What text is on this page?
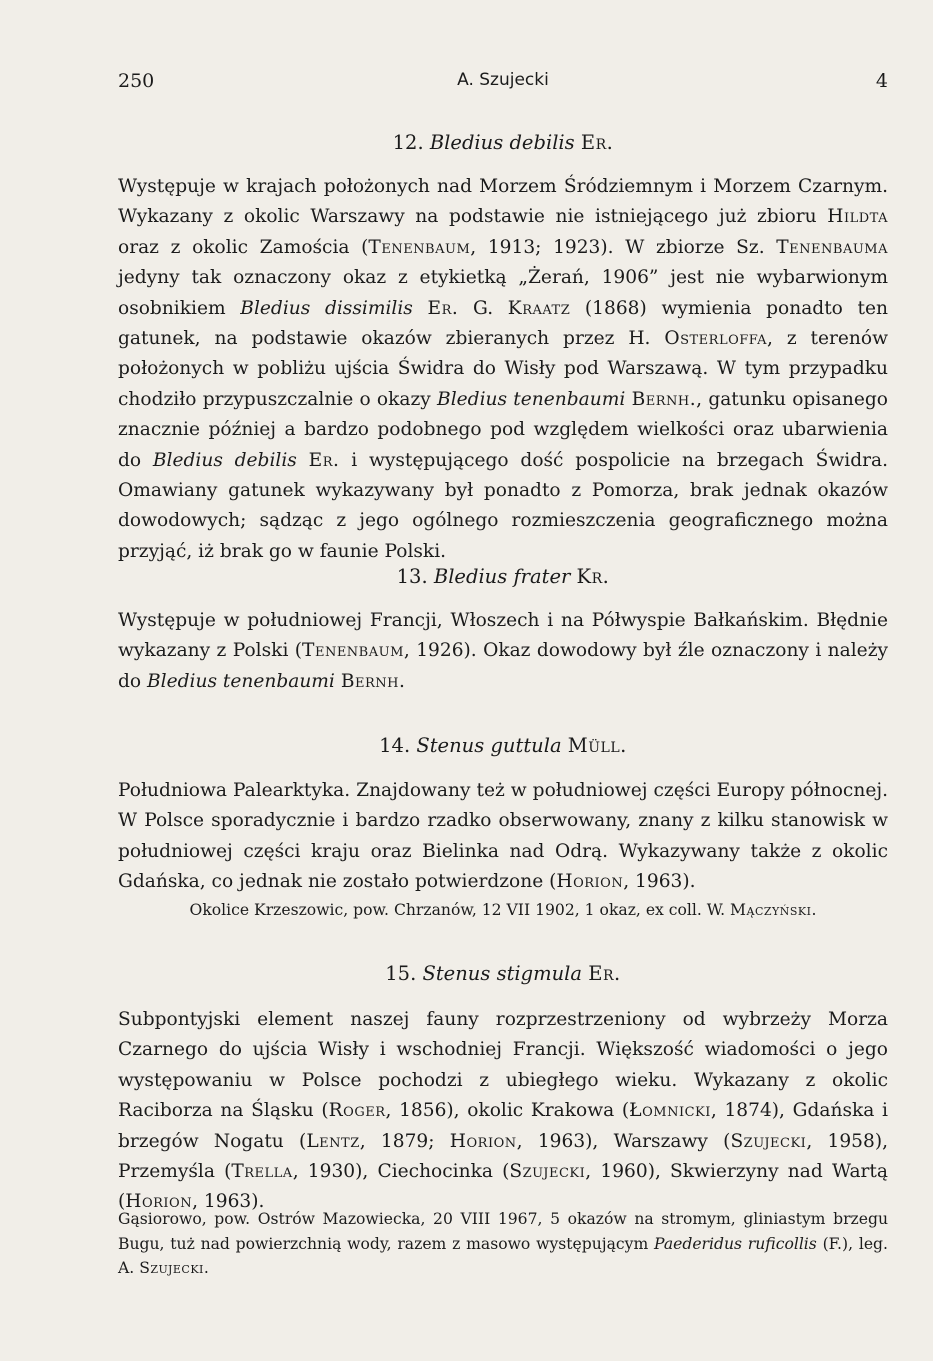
250	A. Szujecki	4
12. Bledius debilis Er.
Występuje w krajach położonych nad Morzem Śródziemnym i Morzem Czarnym. Wykazany z okolic Warszawy na podstawie nie istniejącego już zbioru Hildta oraz z okolic Zamościa (Tenenbaum, 1913; 1923). W zbiorze Sz. Tenenbauma jedyny tak oznaczony okaz z etykietką „Żerań, 1906” jest nie wybarwionym osobnikiem Bledius dissimilis Er. G. Kraatz (1868) wymienia ponadto ten gatunek, na podstawie okazów zbieranych przez H. Osterloffa, z terenów położonych w pobliżu ujścia Świdra do Wisły pod Warszawą. W tym przypadku chodziło przypuszczalnie o okazy Bledius tenenbaumi Bernh., gatunku opisanego znacznie później a bardzo podobnego pod względem wielkości oraz ubarwienia do Bledius debilis Er. i występującego dość pospolicie na brzegach Świdra. Omawiany gatunek wykazywany był ponadto z Pomorza, brak jednak okazów dowodowych; sądząc z jego ogólnego rozmieszczenia geograficznego można przyjąć, iż brak go w faunie Polski.
13. Bledius frater Kr.
Występuje w południowej Francji, Włoszech i na Półwyspie Bałkańskim. Błędnie wykazany z Polski (Tenenbaum, 1926). Okaz dowodowy był źle oznaczony i należy do Bledius tenenbaumi Bernh.
14. Stenus guttula Müll.
Południowa Palearktyka. Znajdowany też w południowej części Europy północnej. W Polsce sporadycznie i bardzo rzadko obserwowany, znany z kilku stanowisk w południowej części kraju oraz Bielinka nad Odrą. Wykazywany także z okolic Gdańska, co jednak nie zostało potwierdzone (Horion, 1963).
Okolice Krzeszowic, pow. Chrzanów, 12 VII 1902, 1 okaz, ex coll. W. Mączyński.
15. Stenus stigmula Er.
Subpontyjski element naszej fauny rozprzestrzeniony od wybrzeży Morza Czarnego do ujścia Wisły i wschodniej Francji. Większość wiadomości o jego występowaniu w Polsce pochodzi z ubiegłego wieku. Wykazany z okolic Raciborza na Śląsku (Roger, 1856), okolic Krakowa (Łomnicki, 1874), Gdańska i brzegów Nogatu (Lentz, 1879; Horion, 1963), Warszawy (Szujecki, 1958), Przemyśla (Trella, 1930), Ciechocinka (Szujecki, 1960), Skwierzyny nad Wartą (Horion, 1963).
Gąsiorowo, pow. Ostrów Mazowiecka, 20 VIII 1967, 5 okazów na stromym, gliniastym brzegu Bugu, tuż nad powierzchnią wody, razem z masowo występującym Paederidus ruficollis (F.), leg. A. Szujecki.
